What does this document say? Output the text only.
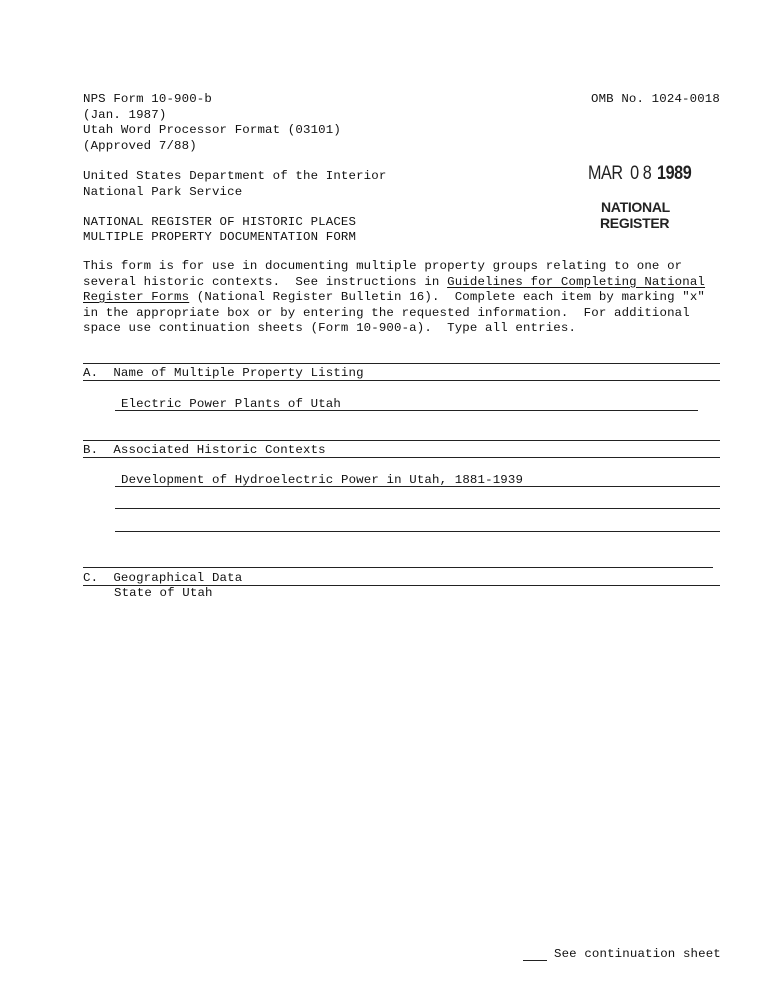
NPS Form 10-900-b
(Jan. 1987)
Utah Word Processor Format (03101)
(Approved 7/88)
OMB No. 1024-0018
United States Department of the Interior
National Park Service
MAR 0 8 1989
NATIONAL
REGISTER
NATIONAL REGISTER OF HISTORIC PLACES
MULTIPLE PROPERTY DOCUMENTATION FORM
This form is for use in documenting multiple property groups relating to one or
several historic contexts.  See instructions in Guidelines for Completing National
Register Forms (National Register Bulletin 16).  Complete each item by marking "x"
in the appropriate box or by entering the requested information.  For additional
space use continuation sheets (Form 10-900-a).  Type all entries.
A.  Name of Multiple Property Listing
Electric Power Plants of Utah
B.  Associated Historic Contexts
Development of Hydroelectric Power in Utah, 1881-1939
C.  Geographical Data
State of Utah
See continuation sheet
